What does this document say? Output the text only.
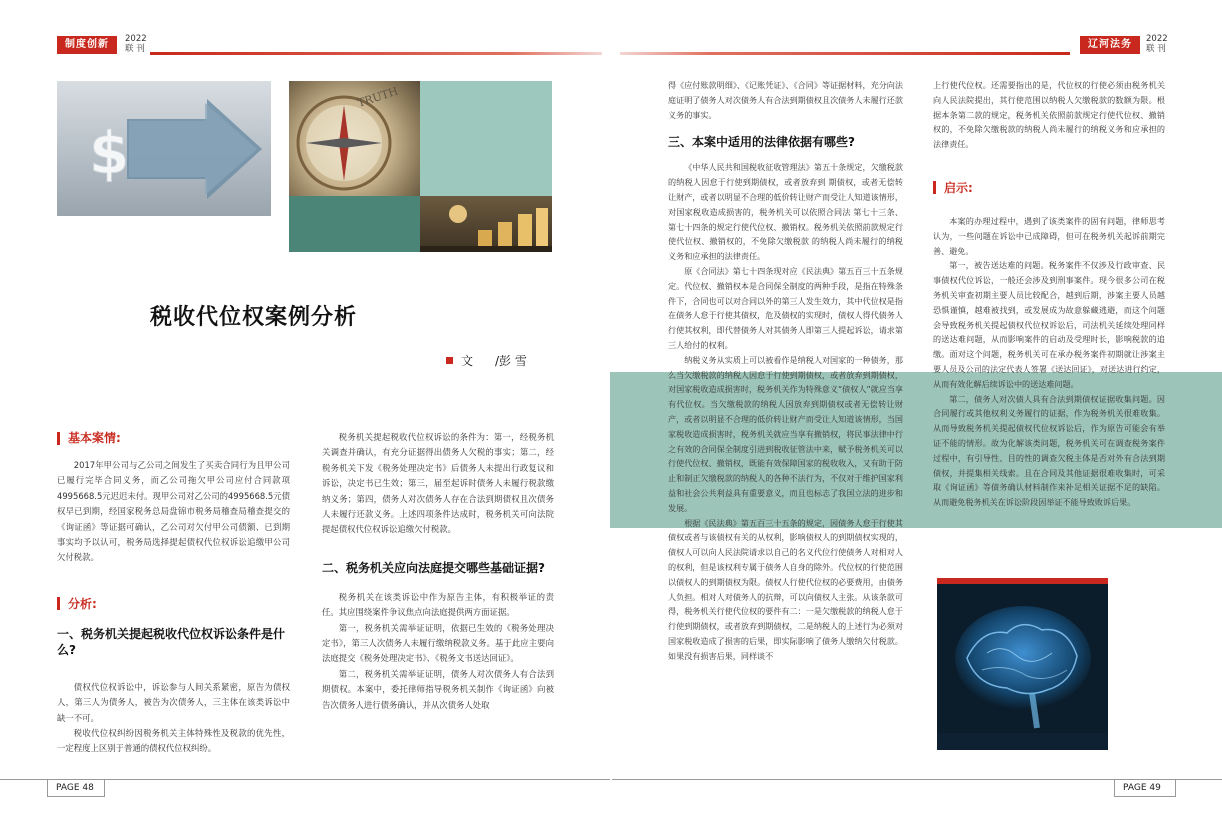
制度创新	2022
联 刊	辽河法务	2022
联 刊
$
TRUTH
税收代位权案例分析
文 /彭 雪
基本案情:

2017年甲公司与乙公司之间发生了买卖合同行为且甲公司已履行完毕合同义务，而乙公司拖欠甲公司应付合同款项4995668.5元迟迟未付。现甲公司对乙公司的4995668.5元债权早已到期，经国家税务总局盘锦市税务局稽查局稽查提交的《询证函》等证据可确认，乙公司对欠付甲公司债额、已到期事实均予以认可，税务局选择提起债权代位权诉讼追缴甲公司欠付税款。

分析:
一、税务机关提起税收代位权诉讼条件是什么?

债权代位权诉讼中，诉讼参与人间关系紧密，原告为债权人，第三人为债务人，被告为次债务人，三主体在该类诉讼中缺一不可。

税收代位权纠纷因税务机关主体特殊性及税款的优先性，一定程度上区别于普通的债权代位权纠纷。

税务机关提起税收代位权诉讼的条件为：第一，经税务机关调查并确认，有充分证据得出债务人欠税的事实；第二，经税务机关下发《税务处理决定书》后债务人未提出行政复议和诉讼，决定书已生效；第三，届至起诉时债务人未履行税款缴纳义务；第四，债务人对次债务人存在合法到期债权且次债务人未履行还款义务。上述四项条件达成时，税务机关可向法院提起债权代位权诉讼追缴欠付税款。

二、税务机关应向法庭提交哪些基础证据?

税务机关在该类诉讼中作为原告主体，有积极举证的责任。其应围绕案件争议焦点向法庭提供两方面证据。

第一，税务机关需举证证明，依据已生效的《税务处理决定书》，第三人次债务人未履行缴纳税款义务。基于此应主要向法庭提交《税务处理决定书》、《税务文书送达回证》。

第二，税务机关需举证证明，债务人对次债务人有合法到期债权。本案中，委托律师指导税务机关制作《询证函》向被告次债务人进行债务确认，并从次债务人处取

得《应付账款明细》、《记账凭证》、《合同》等证据材料，充分向法庭证明了债务人对次债务人有合法到期债权且次债务人未履行还款义务的事实。

三、本案中适用的法律依据有哪些?

《中华人民共和国税收征收管理法》第五十条规定，欠缴税款的纳税人因怠于行使到期债权，或者放弃到 期债权，或者无偿转让财产，或者以明显不合理的低价转让财产而受让人知道该情形，对国家税收造成损害的，税务机关可以依照合同法 第七十三条、第七十四条的规定行使代位权、撤销权。税务机关依照前款规定行使代位权、撤销权的，不免除欠缴税款 的纳税人尚未履行的纳税义务和应承担的法律责任。

原《合同法》第七十四条现对应《民法典》第五百三十五条规定。代位权、撤销权本是合同保全制度的两种手段，是指在特殊条件下，合同也可以对合同以外的第三人发生效力，其中代位权是指在债务人怠于行使其债权，危及债权的实现时，债权人得代债务人行使其权利，即代替债务人对其债务人即第三人提起诉讼，请求第三人给付的权利。

纳税义务从实质上可以被看作是纳税人对国家的一种债务，那么当欠缴税款的纳税人因怠于行使到期债权，或者放弃到期债权，对国家税收造成损害时，税务机关作为特殊意义“债权人”就应当享有代位权。当欠缴税款的纳税人因放弃到期债权或者无偿转让财产，或者以明显不合理的低价转让财产而受让人知道该情形，当国家税收造成损害时，税务机关就应当享有撤销权，将民事法律中行之有效的合同保全制度引进到税收征管法中来，赋予税务机关可以行使代位权、撤销权，既能有效保障国家的税收收入，又有助于防止和制正欠缴税款的纳税人的各种不法行为，不仅对于维护国家利益和社会公共利益具有重要意义，而且也标志了我国立法的进步和发展。

根据《民法典》第五百三十五条的规定，因债务人怠于行使其债权或者与该债权有关的从权利，影响债权人的到期债权实现的，债权人可以向人民法院请求以自己的名义代位行使债务人对相对人的权利，但是该权利专属于债务人自身的除外。代位权的行使范围以债权人的到期债权为限。债权人行使代位权的必要费用，由债务人负担。相对人对债务人的抗辩，可以向债权人主张。从该条款可得，税务机关行使代位权的要件有二：一是欠缴税款的纳税人怠于行使到期债权，或者放弃到期债权，二是纳税人的上述行为必须对国家税收造成了损害的后果，即实际影响了债务人缴纳欠付税款。如果没有损害后果，同样谈不

上行使代位权。还需要指出的是，代位权的行使必须由税务机关向人民法院提出，其行使范围以纳税人欠缴税款的数额为限。根据本条第二款的规定，税务机关依照前款规定行使代位权、撤销权的，不免除欠缴税款的纳税人尚未履行的纳税义务和应承担的法律责任。

启示:

本案的办理过程中，遇到了该类案件的固有问题，律师思考认为，一些问题在诉讼中已成障碍，但可在税务机关起诉前期完善、避免。

第一，被告送达难的问题。税务案件不仅涉及行政审查、民事债权代位诉讼，一般还会涉及到刑事案件。现今很多公司在税务机关审查初期主要人员比较配合，越到后期，涉案主要人员越恐惧谨慎，越难被找到，或发展成为故意躲藏逃避，而这个问题会导致税务机关提起债权代位权诉讼后，司法机关延续处理同样的送达难问题，从而影响案件的启动及受理时长，影响税款的追缴。面对这个问题，税务机关可在承办税务案件初期就让涉案主要人员及公司的法定代表人签署《送达回证》，对送达进行约定，从而有效化解后续诉讼中的送达难问题。

第二，债务人对次债人具有合法到期债权证据收集问题。因合同履行或其他权利义务履行的证据，作为税务机关很难收集。从而导致税务机关提起债权代位权诉讼后，作为原告可能会有举证不能的情形。故为化解该类问题，税务机关可在调查税务案件过程中，有引导性、目的性的调查欠税主体是否对外有合法到期债权，并提集相关线索。且在合同及其他证据很难收集时，可采取《询证函》等债务确认材料制作来补足相关证据不足的缺陷。从而避免税务机关在诉讼阶段因举证不能导致败诉后果。

PAGE 48	PAGE 49
